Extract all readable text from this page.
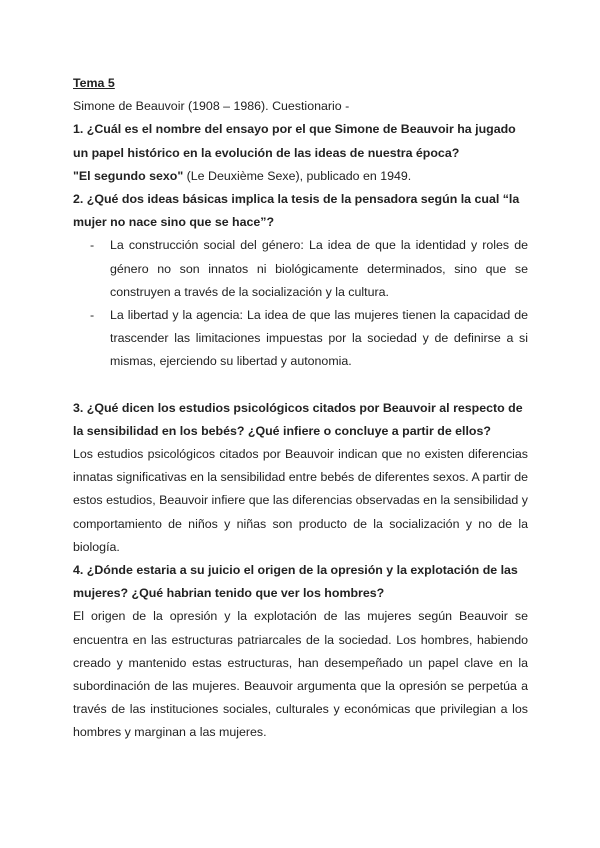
Tema 5

Simone de Beauvoir (1908 – 1986). Cuestionario -

1. ¿Cuál es el nombre del ensayo por el que Simone de Beauvoir ha jugado un papel histórico en la evolución de las ideas de nuestra época?

"El segundo sexo" (Le Deuxième Sexe), publicado en 1949.

2. ¿Qué dos ideas básicas implica la tesis de la pensadora según la cual “la mujer no nace sino que se hace”?

- La construcción social del género: La idea de que la identidad y roles de género no son innatos ni biológicamente determinados, sino que se construyen a través de la socialización y la cultura.
- La libertad y la agencia: La idea de que las mujeres tienen la capacidad de trascender las limitaciones impuestas por la sociedad y de definirse a si mismas, ejerciendo su libertad y autonomia.

3. ¿Qué dicen los estudios psicológicos citados por Beauvoir al respecto de la sensibilidad en los bebés? ¿Qué infiere o concluye a partir de ellos?

Los estudios psicológicos citados por Beauvoir indican que no existen diferencias innatas significativas en la sensibilidad entre bebés de diferentes sexos. A partir de estos estudios, Beauvoir infiere que las diferencias observadas en la sensibilidad y comportamiento de niños y niñas son producto de la socialización y no de la biología.

4. ¿Dónde estaria a su juicio el origen de la opresión y la explotación de las mujeres? ¿Qué habrian tenido que ver los hombres?

El origen de la opresión y la explotación de las mujeres según Beauvoir se encuentra en las estructuras patriarcales de la sociedad. Los hombres, habiendo creado y mantenido estas estructuras, han desempeñado un papel clave en la subordinación de las mujeres. Beauvoir argumenta que la opresión se perpetúa a través de las instituciones sociales, culturales y económicas que privilegian a los hombres y marginan a las mujeres.
